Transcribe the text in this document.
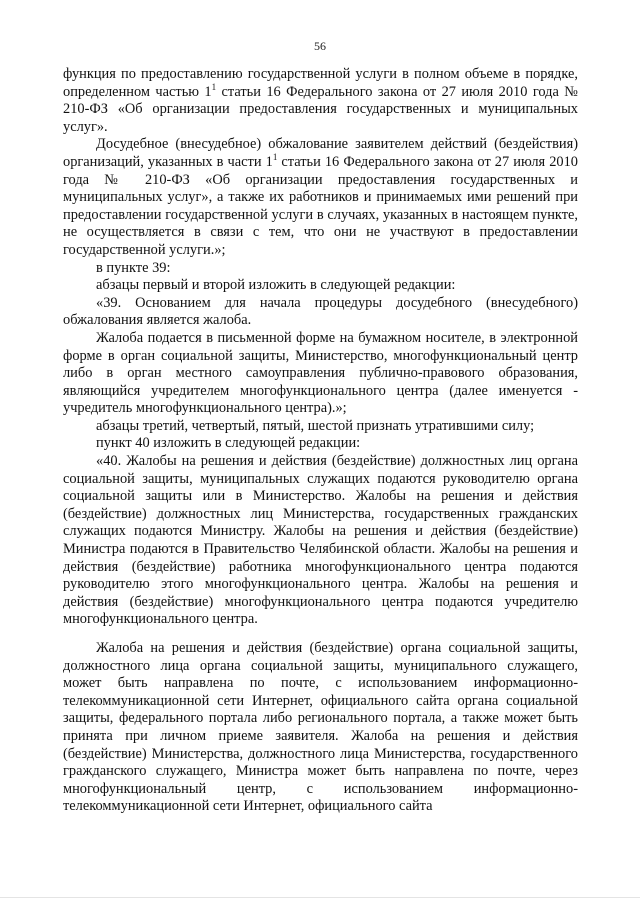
56

функция по предоставлению государственной услуги в полном объеме в порядке, определенном частью $1^1$ статьи 16 Федерального закона от 27 июля 2010 года № 210-ФЗ «Об организации предоставления государственных и муниципальных услуг».

Досудебное (внесудебное) обжалование заявителем действий (бездействия) организаций, указанных в части $1^1$ статьи 16 Федерального закона от 27 июля 2010 года № 210-ФЗ «Об организации предоставления государственных и муниципальных услуг», а также их работников и принимаемых ими решений при предоставлении государственной услуги в случаях, указанных в настоящем пункте, не осуществляется в связи с тем, что они не участвуют в предоставлении государственной услуги.»;

в пункте 39:

абзацы первый и второй изложить в следующей редакции:

«39. Основанием для начала процедуры досудебного (внесудебного) обжалования является жалоба.

Жалоба подается в письменной форме на бумажном носителе, в электронной форме в орган социальной защиты, Министерство, многофункциональный центр либо в орган местного самоуправления публично-правового образования, являющийся учредителем многофункционального центра (далее именуется - учредитель многофункционального центра).»;

абзацы третий, четвертый, пятый, шестой признать утратившими силу;

пункт 40 изложить в следующей редакции:

«40. Жалобы на решения и действия (бездействие) должностных лиц органа социальной защиты, муниципальных служащих подаются руководителю органа социальной защиты или в Министерство. Жалобы на решения и действия (бездействие) должностных лиц Министерства, государственных гражданских служащих подаются Министру. Жалобы на решения и действия (бездействие) Министра подаются в Правительство Челябинской области. Жалобы на решения и действия (бездействие) работника многофункционального центра подаются руководителю этого многофункционального центра. Жалобы на решения и действия (бездействие) многофункционального центра подаются учредителю многофункционального центра.

Жалоба на решения и действия (бездействие) органа социальной защиты, должностного лица органа социальной защиты, муниципального служащего, может быть направлена по почте, с использованием информационно-телекоммуникационной сети Интернет, официального сайта органа социальной защиты, федерального портала либо регионального портала, а также может быть принята при личном приеме заявителя. Жалоба на решения и действия (бездействие) Министерства, должностного лица Министерства, государственного гражданского служащего, Министра может быть направлена по почте, через многофункциональный центр, с использованием информационно-телекоммуникационной сети Интернет, официального сайта
